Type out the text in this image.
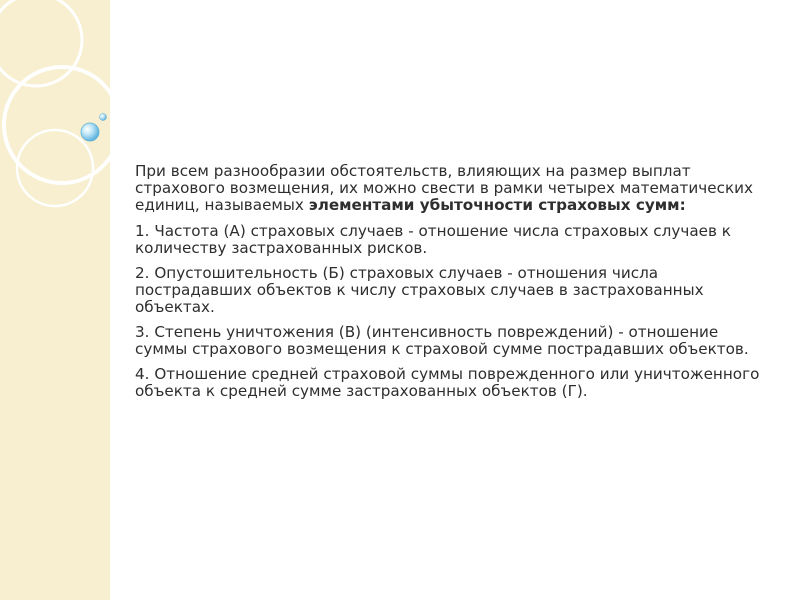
При всем разнообразии обстоятельств, влияющих на размер выплат страхового возмещения, их можно свести в рамки четырех математических единиц, называемых элементами убыточности страховых сумм:

1. Частота (А) страховых случаев - отношение числа страховых случаев к количеству застрахованных рисков.

2. Опустошительность (Б) страховых случаев - отношения числа пострадавших объектов к числу страховых случаев в застрахованных объектах.

3. Степень уничтожения (В) (интенсивность повреждений) - отношение суммы страхового возмещения к страховой сумме пострадавших объектов.

4. Отношение средней страховой суммы поврежденного или уничтоженного объекта к средней сумме застрахованных объектов (Г).
